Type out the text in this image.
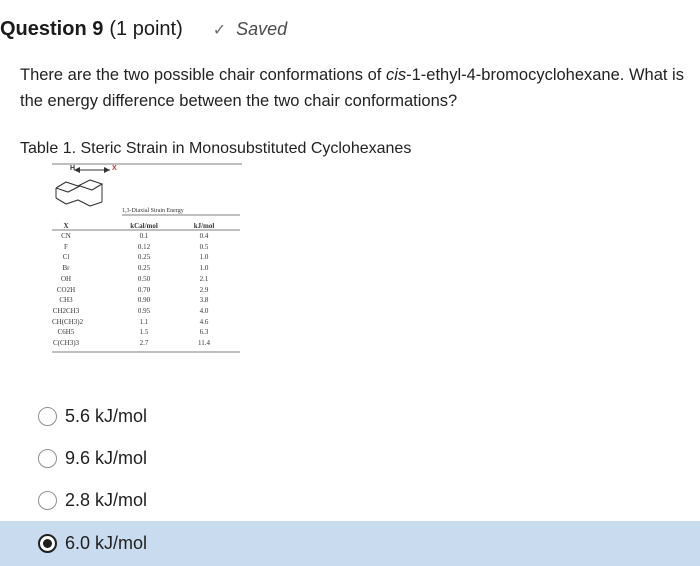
Question 9 (1 point) ✓ Saved
There are the two possible chair conformations of cis-1-ethyl-4-bromocyclohexane. What is the energy difference between the two chair conformations?
Table 1. Steric Strain in Monosubstituted Cyclohexanes
H	X
1,3-Diaxial Strain Energy
X	kCal/mol	kJ/mol
CN	0.1	0.4
F	0.12	0.5
Cl	0.25	1.0
Br	0.25	1.0
OH	0.50	2.1
CO2H	0.70	2.9
CH3	0.90	3.8
CH2CH3	0.95	4.0
CH(CH3)2	1.1	4.6
C6H5	1.5	6.3
C(CH3)3	2.7	11.4
5.6 kJ/mol
9.6 kJ/mol
2.8 kJ/mol
6.0 kJ/mol
